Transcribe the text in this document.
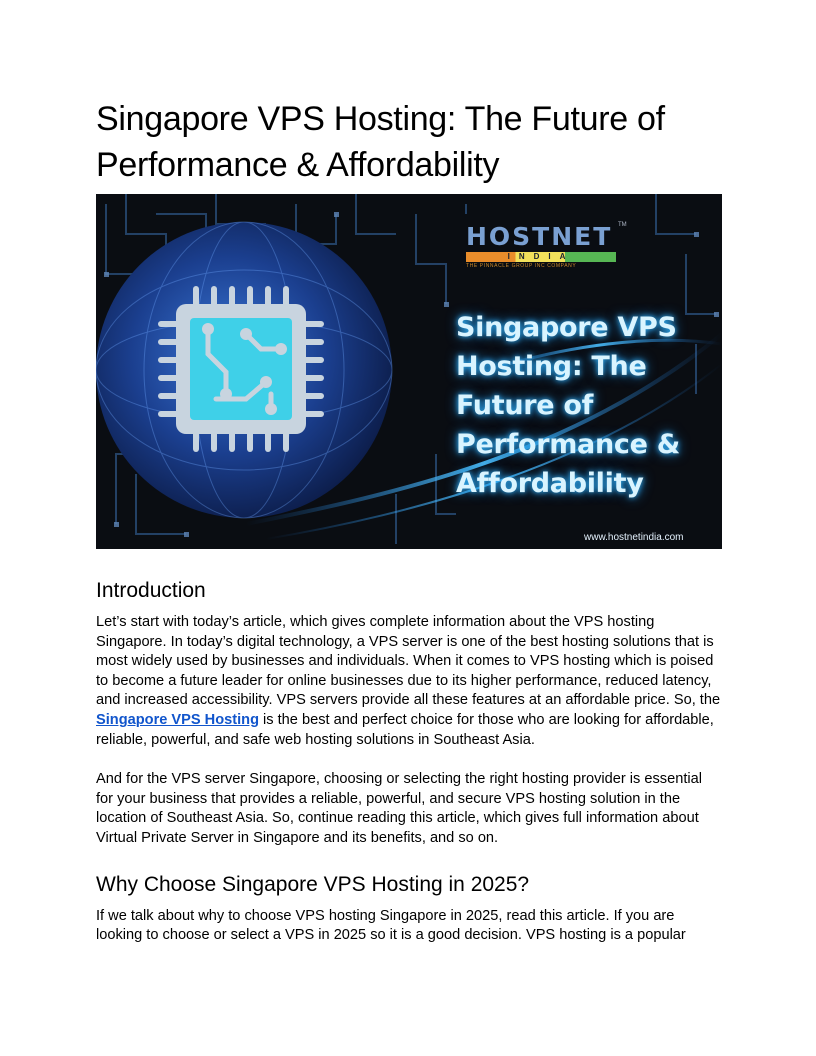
Singapore VPS Hosting: The Future of Performance & Affordability
HOSTNET TM
INDIA
THE PINNACLE GROUP INC COMPANY
Singapore VPS Hosting: The Future of Performance & Affordability
www.hostnetindia.com
Introduction

Let’s start with today’s article, which gives complete information about the VPS hosting Singapore. In today’s digital technology, a VPS server is one of the best hosting solutions that is most widely used by businesses and individuals. When it comes to VPS hosting which is poised to become a future leader for online businesses due to its higher performance, reduced latency, and increased accessibility. VPS servers provide all these features at an affordable price. So, the Singapore VPS Hosting is the best and perfect choice for those who are looking for affordable, reliable, powerful, and safe web hosting solutions in Southeast Asia.

And for the VPS server Singapore, choosing or selecting the right hosting provider is essential for your business that provides a reliable, powerful, and secure VPS hosting solution in the location of Southeast Asia. So, continue reading this article, which gives full information about Virtual Private Server in Singapore and its benefits, and so on.

Why Choose Singapore VPS Hosting in 2025?

If we talk about why to choose VPS hosting Singapore in 2025, read this article. If you are looking to choose or select a VPS in 2025 so it is a good decision. VPS hosting is a popular
